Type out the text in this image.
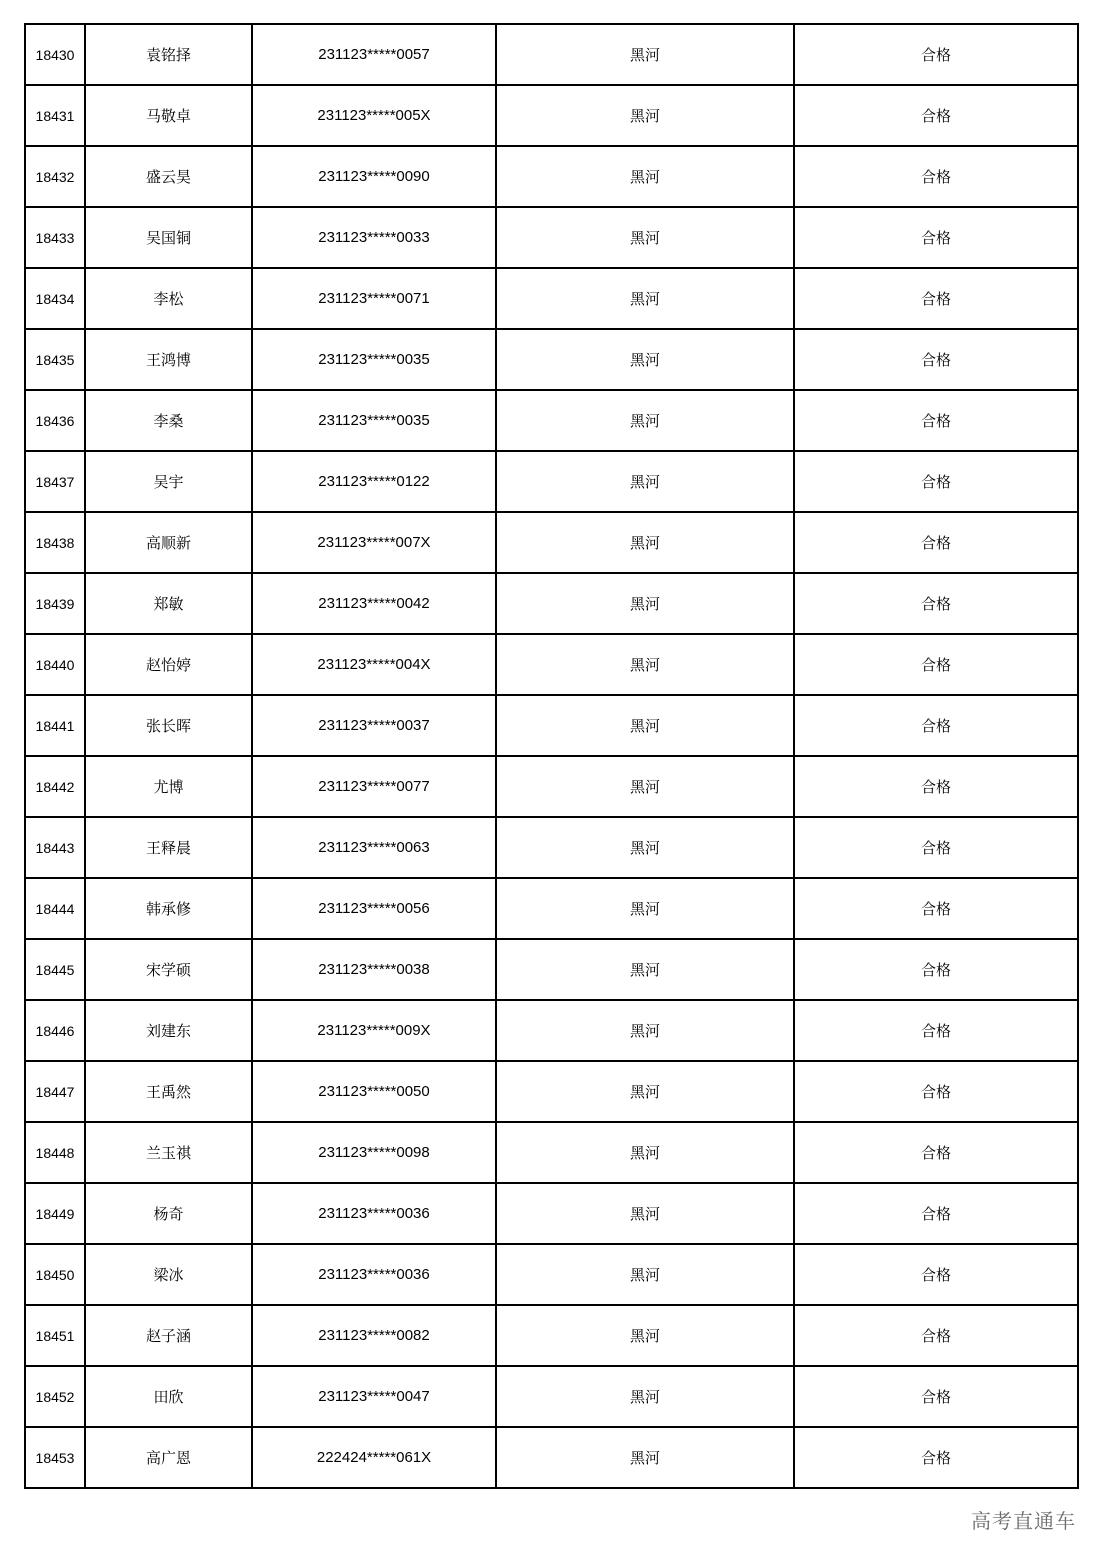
18430	袁铭择	231123*****0057	黑河	合格
18431	马敬卓	231123*****005X	黑河	合格
18432	盛云昊	231123*****0090	黑河	合格
18433	吴国铜	231123*****0033	黑河	合格
18434	李松	231123*****0071	黑河	合格
18435	王鸿博	231123*****0035	黑河	合格
18436	李桑	231123*****0035	黑河	合格
18437	吴宇	231123*****0122	黑河	合格
18438	高顺新	231123*****007X	黑河	合格
18439	郑敏	231123*****0042	黑河	合格
18440	赵怡婷	231123*****004X	黑河	合格
18441	张长晖	231123*****0037	黑河	合格
18442	尤博	231123*****0077	黑河	合格
18443	王释晨	231123*****0063	黑河	合格
18444	韩承修	231123*****0056	黑河	合格
18445	宋学硕	231123*****0038	黑河	合格
18446	刘建东	231123*****009X	黑河	合格
18447	王禹然	231123*****0050	黑河	合格
18448	兰玉祺	231123*****0098	黑河	合格
18449	杨奇	231123*****0036	黑河	合格
18450	梁冰	231123*****0036	黑河	合格
18451	赵子涵	231123*****0082	黑河	合格
18452	田欣	231123*****0047	黑河	合格
18453	高广恩	222424*****061X	黑河	合格
高考直通车
